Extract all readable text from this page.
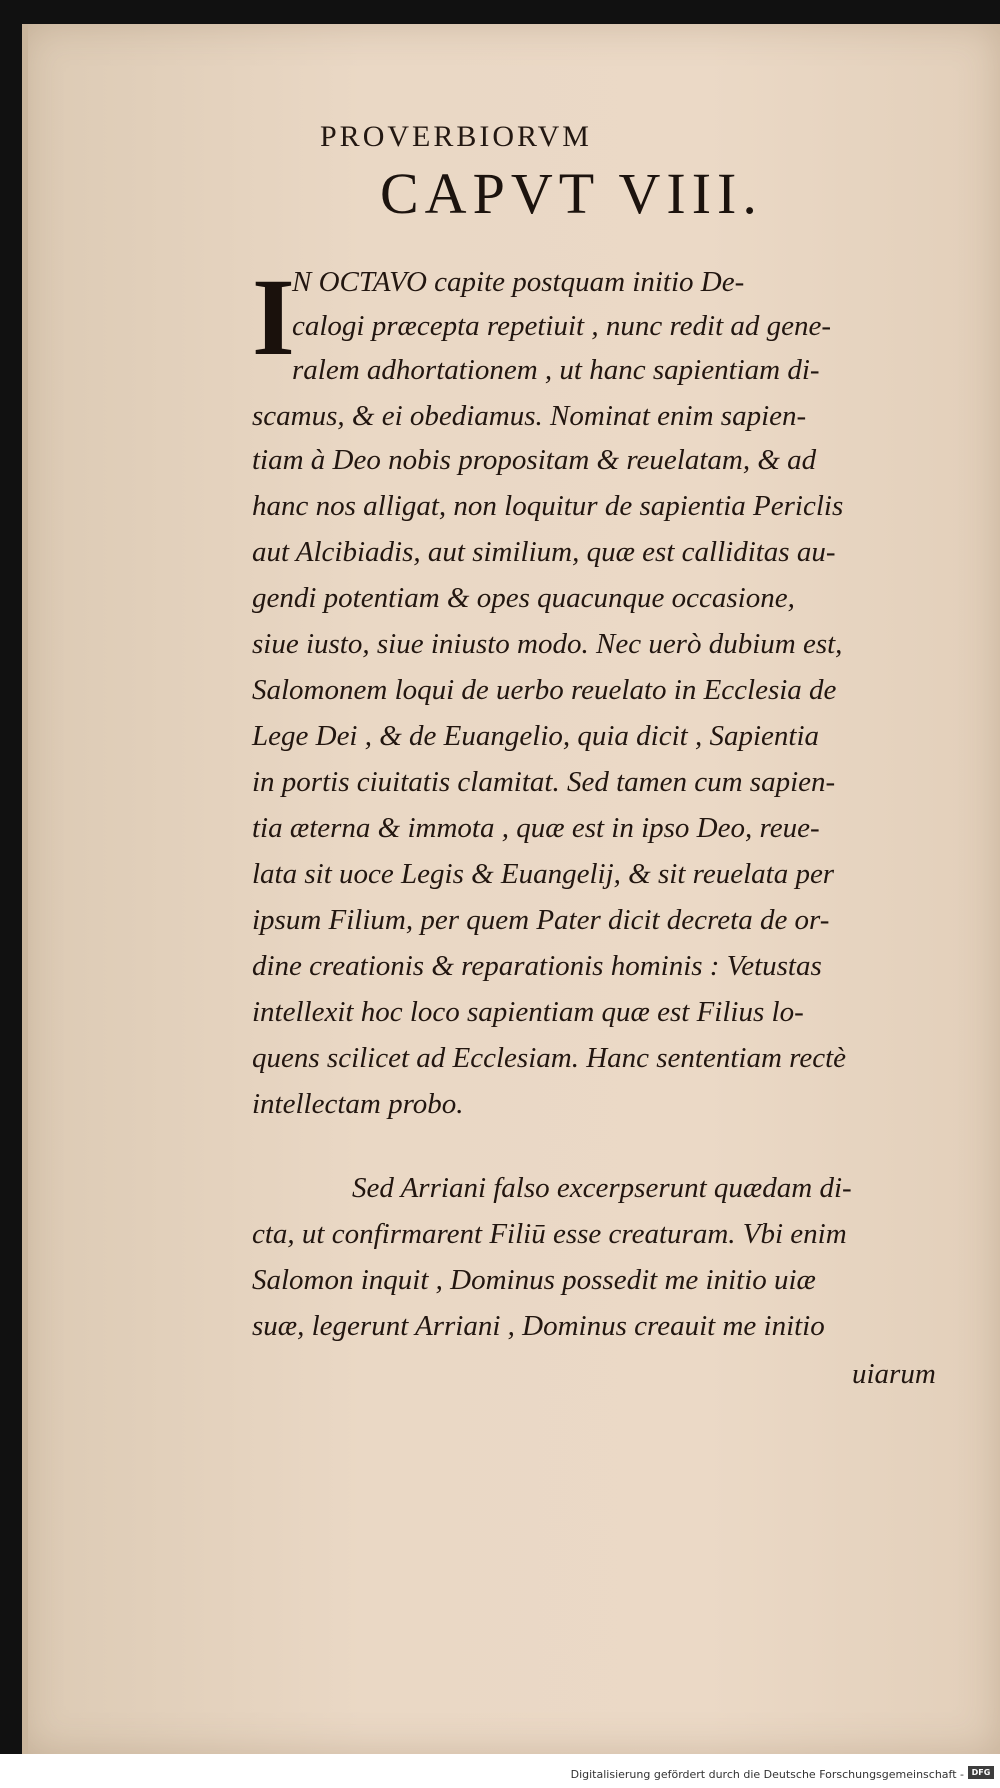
PROVERBIORVM
CAPVT VIII.
I
N OCTAVO capite postquam initio De-
calogi præcepta repetiuit , nunc redit ad gene-
ralem adhortationem , ut hanc sapientiam di-
scamus, & ei obediamus. Nominat enim sapien-
tiam à Deo nobis propositam & reuelatam, & ad
hanc nos alligat, non loquitur de sapientia Periclis
aut Alcibiadis, aut similium, quæ est calliditas au-
gendi potentiam & opes quacunque occasione,
siue iusto, siue iniusto modo. Nec uerò dubium est,
Salomonem loqui de uerbo reuelato in Ecclesia de
Lege Dei , & de Euangelio, quia dicit , Sapientia
in portis ciuitatis clamitat. Sed tamen cum sapien-
tia æterna & immota , quæ est in ipso Deo, reue-
lata sit uoce Legis & Euangelij, & sit reuelata per
ipsum Filium, per quem Pater dicit decreta de or-
dine creationis & reparationis hominis : Vetustas
intellexit hoc loco sapientiam quæ est Filius lo-
quens scilicet ad Ecclesiam. Hanc sententiam rectè
intellectam probo.
Sed Arriani falso excerpserunt quædam di-
cta, ut confirmarent Filiū esse creaturam. Vbi enim
Salomon inquit , Dominus possedit me initio uiæ
suæ, legerunt Arriani , Dominus creauit me initio
uiarum
Digitalisierung gefördert durch die Deutsche Forschungsgemeinschaft - DFG
